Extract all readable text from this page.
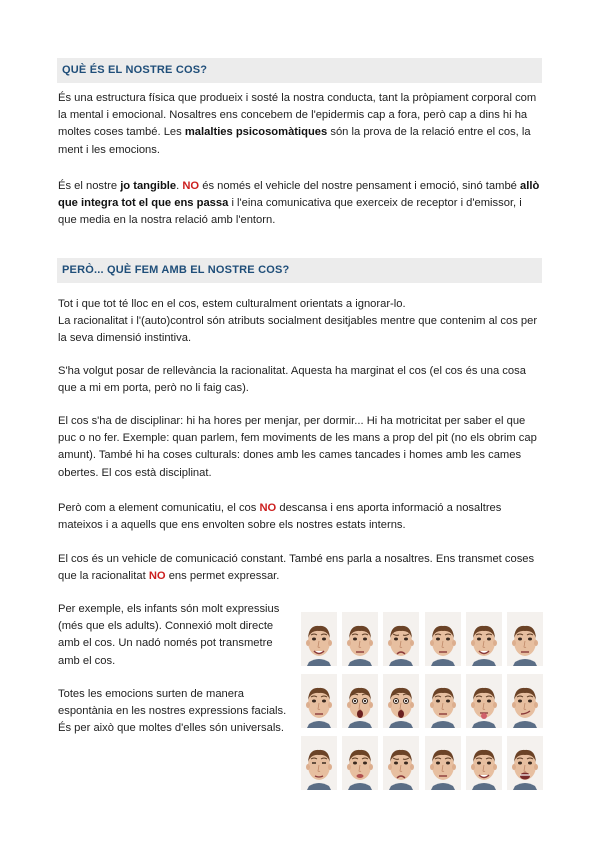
QUÈ ÉS EL NOSTRE COS?

És una estructura física que produeix i sosté la nostra conducta, tant la pròpiament corporal com la mental i emocional. Nosaltres ens concebem de l'epidermis cap a fora, però cap a dins hi ha moltes coses també. Les malalties psicosomàtiques són la prova de la relació entre el cos, la ment i les emocions.

És el nostre jo tangible. NO és només el vehicle del nostre pensament i emoció, sinó també allò que integra tot el que ens passa i l'eina comunicativa que exerceix de receptor i d'emissor, i que media en la nostra relació amb l'entorn.

PERÒ... QUÈ FEM AMB EL NOSTRE COS?

Tot i que tot té lloc en el cos, estem culturalment orientats a ignorar-lo.
La racionalitat i l'(auto)control són atributs socialment desitjables mentre que contenim al cos per la seva dimensió instintiva.

S'ha volgut posar de rellevància la racionalitat. Aquesta ha marginat el cos (el cos és una cosa que a mi em porta, però no li faig cas).

El cos s'ha de disciplinar: hi ha hores per menjar, per dormir... Hi ha motricitat per saber el que puc o no fer. Exemple: quan parlem, fem moviments de les mans a prop del pit (no els obrim cap amunt). També hi ha coses culturals: dones amb les cames tancades i homes amb les cames obertes. El cos està disciplinat.

Però com a element comunicatiu, el cos NO descansa i ens aporta informació a nosaltres mateixos i a aquells que ens envolten sobre els nostres estats interns.

El cos és un vehicle de comunicació constant. També ens parla a nosaltres. Ens transmet coses que la racionalitat NO ens permet expressar.

Per exemple, els infants són molt expressius (més que els adults). Connexió molt directe amb el cos. Un nadó només pot transmetre amb el cos.

Totes les emocions surten de manera espontània en les nostres expressions facials. És per això que moltes d'elles són universals.
